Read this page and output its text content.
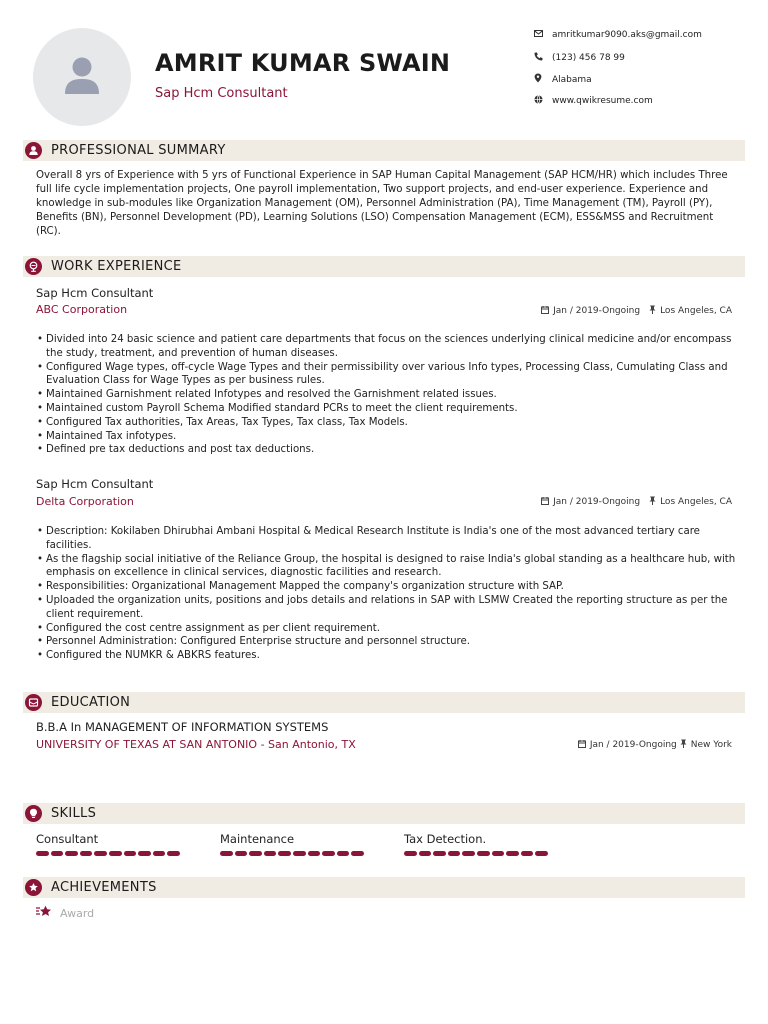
AMRIT KUMAR SWAIN
Sap Hcm Consultant
amritkumar9090.aks@gmail.com
(123) 456 78 99
Alabama
www.qwikresume.com
PROFESSIONAL SUMMARY
Overall 8 yrs of Experience with 5 yrs of Functional Experience in SAP Human Capital Management (SAP HCM/HR) which includes Three full life cycle implementation projects, One payroll implementation, Two support projects, and end-user experience. Experience and knowledge in sub-modules like Organization Management (OM), Personnel Administration (PA), Time Management (TM), Payroll (PY), Benefits (BN), Personnel Development (PD), Learning Solutions (LSO) Compensation Management (ECM), ESS&MSS and Recruitment (RC).
WORK EXPERIENCE
Sap Hcm Consultant
ABC Corporation	Jan / 2019-Ongoing Los Angeles, CA
• Divided into 24 basic science and patient care departments that focus on the sciences underlying clinical medicine and/or encompass the study, treatment, and prevention of human diseases.
• Configured Wage types, off-cycle Wage Types and their permissibility over various Info types, Processing Class, Cumulating Class and Evaluation Class for Wage Types as per business rules.
• Maintained Garnishment related Infotypes and resolved the Garnishment related issues.
• Maintained custom Payroll Schema Modified standard PCRs to meet the client requirements.
• Configured Tax authorities, Tax Areas, Tax Types, Tax class, Tax Models.
• Maintained Tax infotypes.
• Defined pre tax deductions and post tax deductions.
Sap Hcm Consultant
Delta Corporation	Jan / 2019-Ongoing Los Angeles, CA
• Description: Kokilaben Dhirubhai Ambani Hospital & Medical Research Institute is India's one of the most advanced tertiary care facilities.
• As the flagship social initiative of the Reliance Group, the hospital is designed to raise India's global standing as a healthcare hub, with emphasis on excellence in clinical services, diagnostic facilities and research.
• Responsibilities: Organizational Management Mapped the company's organization structure with SAP.
• Uploaded the organization units, positions and jobs details and relations in SAP with LSMW Created the reporting structure as per the client requirement.
• Configured the cost centre assignment as per client requirement.
• Personnel Administration: Configured Enterprise structure and personnel structure.
• Configured the NUMKR & ABKRS features.
EDUCATION
B.B.A In MANAGEMENT OF INFORMATION SYSTEMS
UNIVERSITY OF TEXAS AT SAN ANTONIO - San Antonio, TX	Jan / 2019-Ongoing New York
SKILLS
Consultant	Maintenance	Tax Detection.
ACHIEVEMENTS
Award
